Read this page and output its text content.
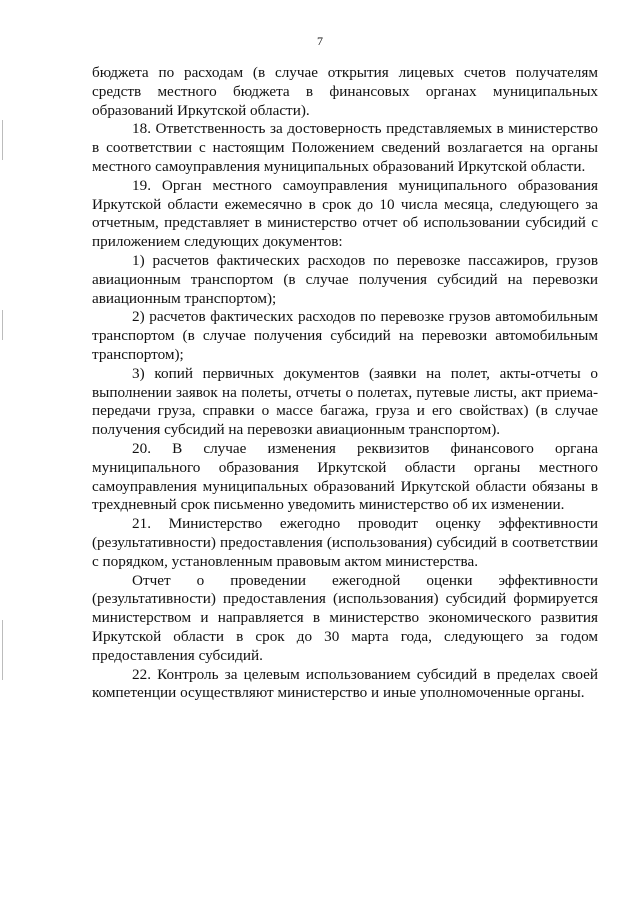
7

бюджета по расходам (в случае открытия лицевых счетов получателям средств местного бюджета в финансовых органах муниципальных образований Иркутской области).

18. Ответственность за достоверность представляемых в министерство в соответствии с настоящим Положением сведений возлагается на органы местного самоуправления муниципальных образований Иркутской области.

19. Орган местного самоуправления муниципального образования Иркутской области ежемесячно в срок до 10 числа месяца, следующего за отчетным, представляет в министерство отчет об использовании субсидий с приложением следующих документов:

1) расчетов фактических расходов по перевозке пассажиров, грузов авиационным транспортом (в случае получения субсидий на перевозки авиационным транспортом);

2) расчетов фактических расходов по перевозке грузов автомобильным транспортом (в случае получения субсидий на перевозки автомобильным транспортом);

3) копий первичных документов (заявки на полет, акты-отчеты о выполнении заявок на полеты, отчеты о полетах, путевые листы, акт приема-передачи груза, справки о массе багажа, груза и его свойствах) (в случае получения субсидий на перевозки авиационным транспортом).

20. В случае изменения реквизитов финансового органа муниципального образования Иркутской области органы местного самоуправления муниципальных образований Иркутской области обязаны в трехдневный срок письменно уведомить министерство об их изменении.

21. Министерство ежегодно проводит оценку эффективности (результативности) предоставления (использования) субсидий в соответствии с порядком, установленным правовым актом министерства.

Отчет о проведении ежегодной оценки эффективности (результативности) предоставления (использования) субсидий формируется министерством и направляется в министерство экономического развития Иркутской области в срок до 30 марта года, следующего за годом предоставления субсидий.

22. Контроль за целевым использованием субсидий в пределах своей компетенции осуществляют министерство и иные уполномоченные органы.
